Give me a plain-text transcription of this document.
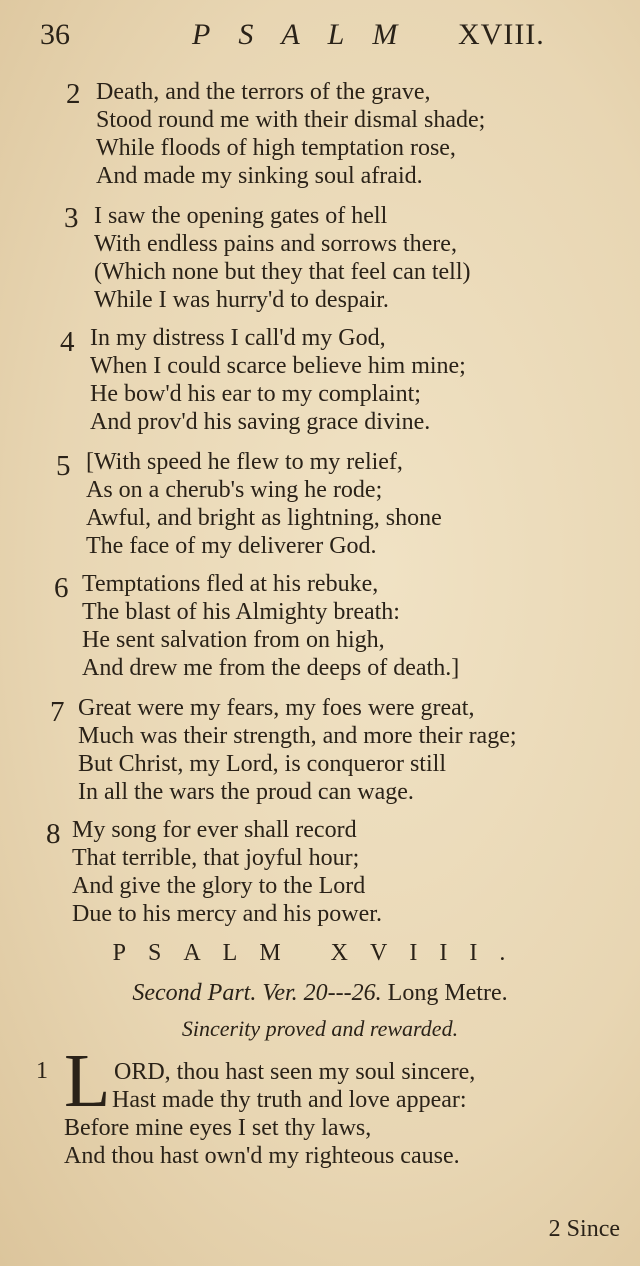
36	PSALM XVIII.
2 Death, and the terrors of the grave,
Stood round me with their dismal shade;
While floods of high temptation rose,
And made my sinking soul afraid.
3 I saw the opening gates of hell
With endless pains and sorrows there,
(Which none but they that feel can tell)
While I was hurry'd to despair.
4 In my distress I call'd my God,
When I could scarce believe him mine;
He bow'd his ear to my complaint;
And prov'd his saving grace divine.
5 [With speed he flew to my relief,
As on a cherub's wing he rode;
Awful, and bright as lightning, shone
The face of my deliverer God.
6 Temptations fled at his rebuke,
The blast of his Almighty breath:
He sent salvation from on high,
And drew me from the deeps of death.]
7 Great were my fears, my foes were great,
Much was their strength, and more their rage;
But Christ, my Lord, is conqueror still
In all the wars the proud can wage.
8 My song for ever shall record
That terrible, that joyful hour;
And give the glory to the Lord
Due to his mercy and his power.
PSALM XVIII.
Second Part. Ver. 20---26. Long Metre.
Sincerity proved and rewarded.
1 L ORD, thou hast seen my soul sincere,
Hast made thy truth and love appear:
Before mine eyes I set thy laws,
And thou hast own'd my righteous cause.
2 Since
